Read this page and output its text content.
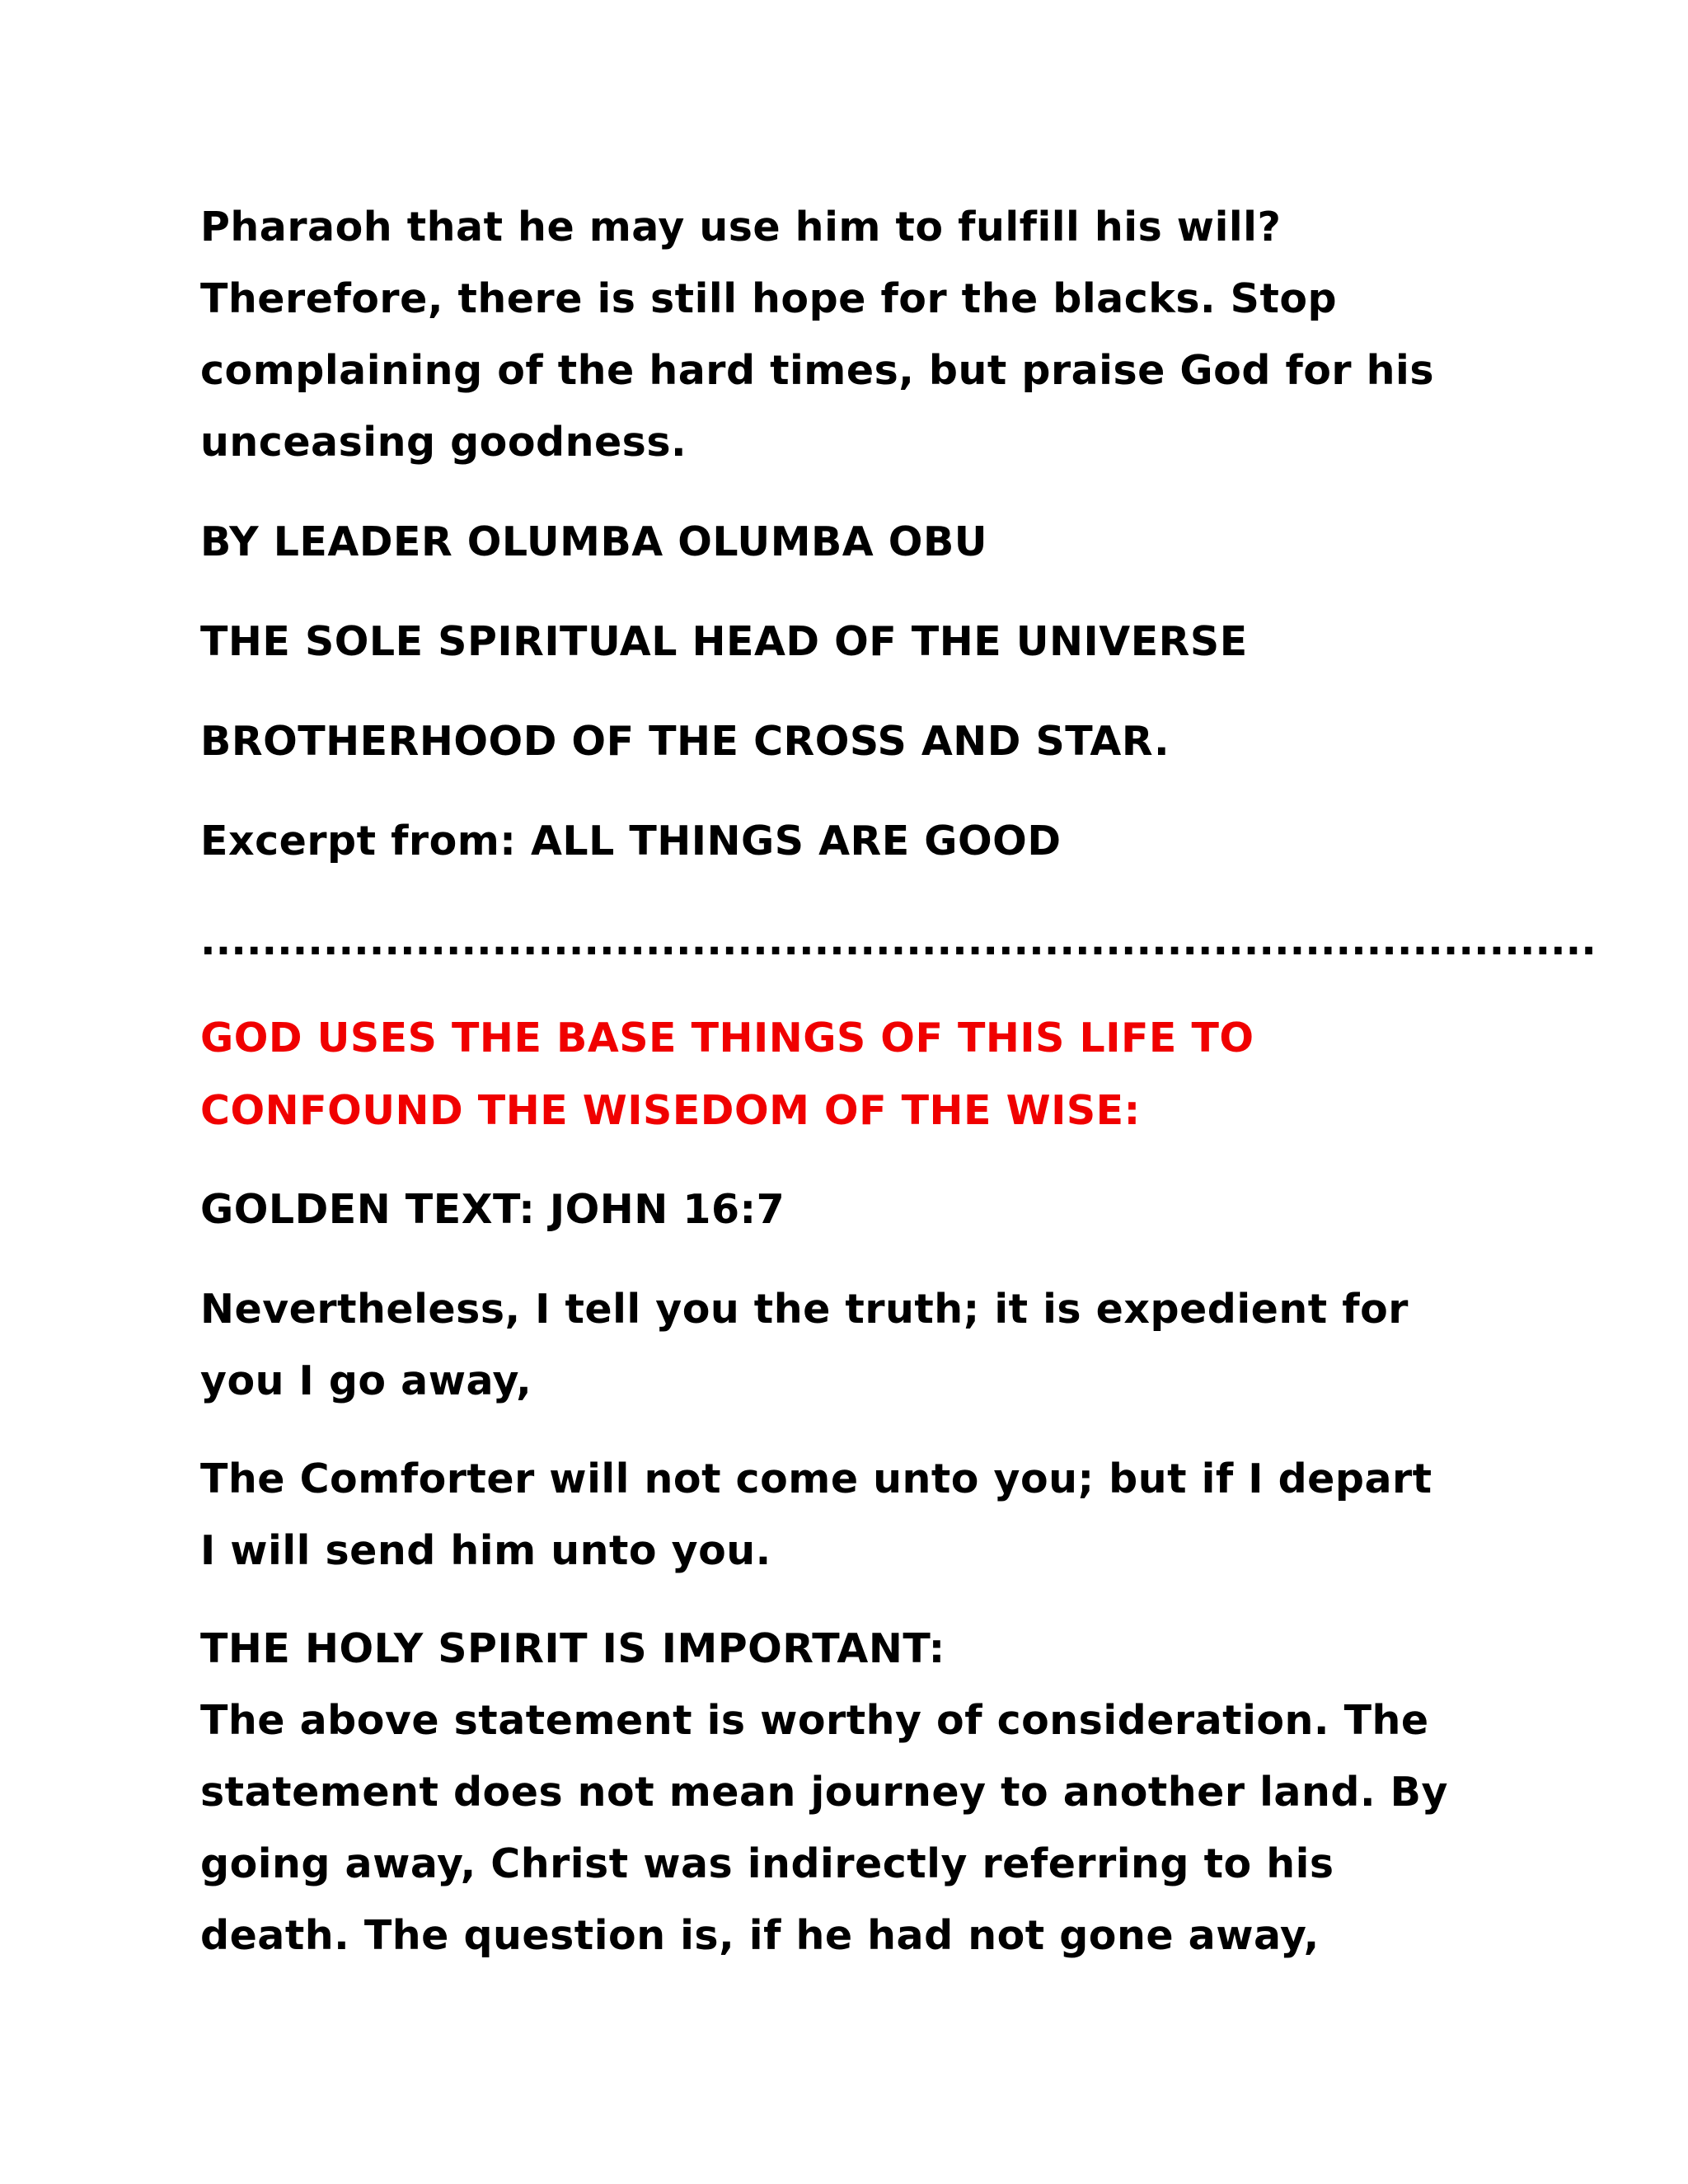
Pharaoh that he may use him to fulfill his will?
Therefore, there is still hope for the blacks. Stop
complaining of the hard times, but praise God for his
unceasing goodness.
BY LEADER OLUMBA OLUMBA OBU
THE SOLE SPIRITUAL HEAD OF THE UNIVERSE
BROTHERHOOD OF THE CROSS AND STAR.
Excerpt from: ALL THINGS ARE GOOD
...........................................................................................
GOD USES THE BASE THINGS OF THIS LIFE TO
CONFOUND THE WISEDOM OF THE WISE:
GOLDEN TEXT: JOHN 16:7
Nevertheless, I tell you the truth; it is expedient for
you I go away,
The Comforter will not come unto you; but if I depart
I will send him unto you.
THE HOLY SPIRIT IS IMPORTANT:
The above statement is worthy of consideration. The
statement does not mean journey to another land. By
going away, Christ was indirectly referring to his
death. The question is, if he had not gone away,
